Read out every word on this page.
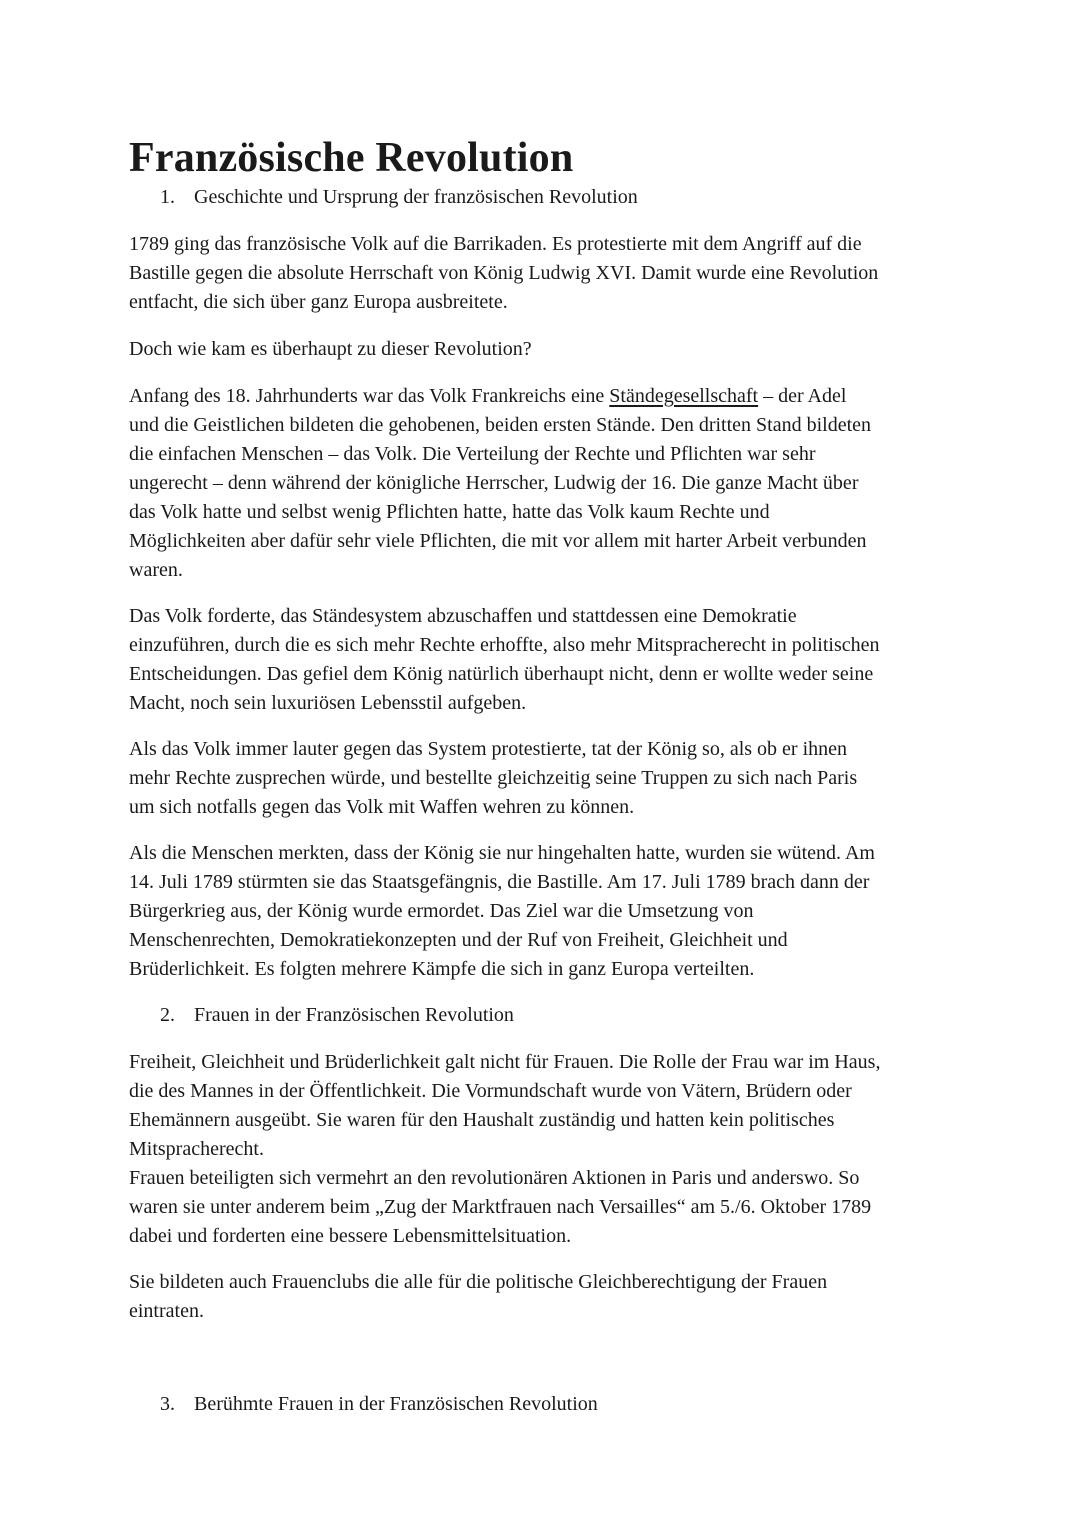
Französische Revolution
1. Geschichte und Ursprung der französischen Revolution
1789 ging das französische Volk auf die Barrikaden. Es protestierte mit dem Angriff auf die
Bastille gegen die absolute Herrschaft von König Ludwig XVI. Damit wurde eine Revolution
entfacht, die sich über ganz Europa ausbreitete.
Doch wie kam es überhaupt zu dieser Revolution?
Anfang des 18. Jahrhunderts war das Volk Frankreichs eine Ständegesellschaft – der Adel
und die Geistlichen bildeten die gehobenen, beiden ersten Stände. Den dritten Stand bildeten
die einfachen Menschen – das Volk. Die Verteilung der Rechte und Pflichten war sehr
ungerecht – denn während der königliche Herrscher, Ludwig der 16. Die ganze Macht über
das Volk hatte und selbst wenig Pflichten hatte, hatte das Volk kaum Rechte und
Möglichkeiten aber dafür sehr viele Pflichten, die mit vor allem mit harter Arbeit verbunden
waren.
Das Volk forderte, das Ständesystem abzuschaffen und stattdessen eine Demokratie
einzuführen, durch die es sich mehr Rechte erhoffte, also mehr Mitspracherecht in politischen
Entscheidungen. Das gefiel dem König natürlich überhaupt nicht, denn er wollte weder seine
Macht, noch sein luxuriösen Lebensstil aufgeben.
Als das Volk immer lauter gegen das System protestierte, tat der König so, als ob er ihnen
mehr Rechte zusprechen würde, und bestellte gleichzeitig seine Truppen zu sich nach Paris
um sich notfalls gegen das Volk mit Waffen wehren zu können.
Als die Menschen merkten, dass der König sie nur hingehalten hatte, wurden sie wütend. Am
14. Juli 1789 stürmten sie das Staatsgefängnis, die Bastille. Am 17. Juli 1789 brach dann der
Bürgerkrieg aus, der König wurde ermordet. Das Ziel war die Umsetzung von
Menschenrechten, Demokratiekonzepten und der Ruf von Freiheit, Gleichheit und
Brüderlichkeit. Es folgten mehrere Kämpfe die sich in ganz Europa verteilten.
2. Frauen in der Französischen Revolution
Freiheit, Gleichheit und Brüderlichkeit galt nicht für Frauen. Die Rolle der Frau war im Haus,
die des Mannes in der Öffentlichkeit. Die Vormundschaft wurde von Vätern, Brüdern oder
Ehemännern ausgeübt. Sie waren für den Haushalt zuständig und hatten kein politisches
Mitspracherecht.
Frauen beteiligten sich vermehrt an den revolutionären Aktionen in Paris und anderswo. So
waren sie unter anderem beim „Zug der Marktfrauen nach Versailles“ am 5./6. Oktober 1789
dabei und forderten eine bessere Lebensmittelsituation.
Sie bildeten auch Frauenclubs die alle für die politische Gleichberechtigung der Frauen
eintraten.
3. Berühmte Frauen in der Französischen Revolution
